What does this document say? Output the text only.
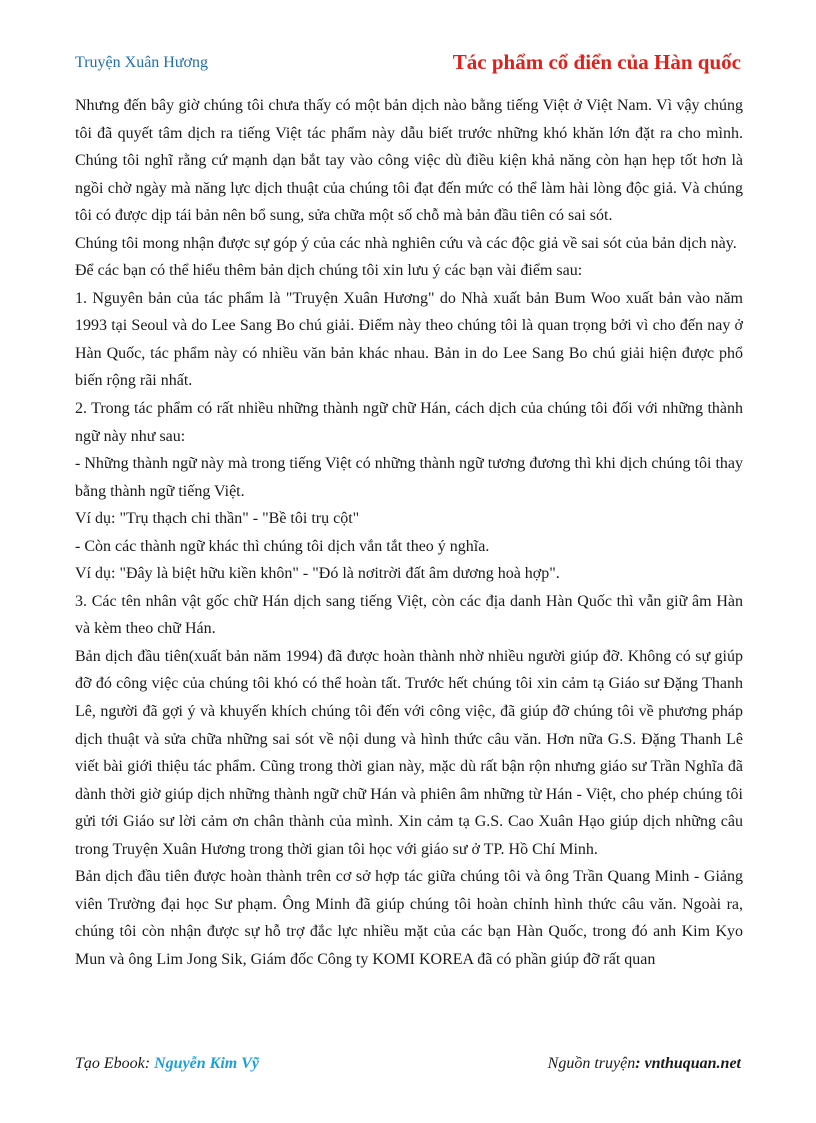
Truyện Xuân Hương	Tác phẩm cổ điển của Hàn quốc

Nhưng đến bây giờ chúng tôi chưa thấy có một bản dịch nào bằng tiếng Việt ở Việt Nam. Vì vậy chúng tôi đã quyết tâm dịch ra tiếng Việt tác phẩm này dẫu biết trước những khó khăn lớn đặt ra cho mình. Chúng tôi nghĩ rằng cứ mạnh dạn bắt tay vào công việc dù điều kiện khả năng còn hạn hẹp tốt hơn là ngồi chờ ngày mà năng lực dịch thuật của chúng tôi đạt đến mức có thể làm hài lòng độc giả. Và chúng tôi có được dịp tái bản nên bổ sung, sửa chữa một số chỗ mà bản đầu tiên có sai sót.

Chúng tôi mong nhận được sự góp ý của các nhà nghiên cứu và các độc giả về sai sót của bản dịch này.

Để các bạn có thể hiểu thêm bản dịch chúng tôi xin lưu ý các bạn vài điểm sau:

1. Nguyên bản của tác phẩm là "Truyện Xuân Hương" do Nhà xuất bản Bum Woo xuất bản vào năm 1993 tại Seoul và do Lee Sang Bo chú giải. Điểm này theo chúng tôi là quan trọng bởi vì cho đến nay ở Hàn Quốc, tác phẩm này có nhiều văn bản khác nhau. Bản in do Lee Sang Bo chú giải hiện được phổ biến rộng rãi nhất.

2. Trong tác phẩm có rất nhiều những thành ngữ chữ Hán, cách dịch của chúng tôi đối với những thành ngữ này như sau:

- Những thành ngữ này mà trong tiếng Việt có những thành ngữ tương đương thì khi dịch chúng tôi thay bằng thành ngữ tiếng Việt.

Ví dụ: "Trụ thạch chi thần" - "Bề tôi trụ cột"

- Còn các thành ngữ khác thì chúng tôi dịch vắn tắt theo ý nghĩa.

Ví dụ: "Đây là biệt hữu kiền khôn" - "Đó là nơitrời đất âm dương hoà hợp".

3. Các tên nhân vật gốc chữ Hán dịch sang tiếng Việt, còn các địa danh Hàn Quốc thì vẫn giữ âm Hàn và kèm theo chữ Hán.

Bản dịch đầu tiên(xuất bản năm 1994) đã được hoàn thành nhờ nhiều người giúp đỡ. Không có sự giúp đỡ đó công việc của chúng tôi khó có thể hoàn tất. Trước hết chúng tôi xin cảm tạ Giáo sư Đặng Thanh Lê, người đã gợi ý và khuyến khích chúng tôi đến với công việc, đã giúp đỡ chúng tôi về phương pháp dịch thuật và sửa chữa những sai sót về nội dung và hình thức câu văn. Hơn nữa G.S. Đặng Thanh Lê viết bài giới thiệu tác phẩm. Cũng trong thời gian này, mặc dù rất bận rộn nhưng giáo sư Trần Nghĩa đã dành thời giờ giúp dịch những thành ngữ chữ Hán và phiên âm những từ Hán - Việt, cho phép chúng tôi gửi tới Giáo sư lời cảm ơn chân thành của mình. Xin cảm tạ G.S. Cao Xuân Hạo giúp dịch những câu trong Truyện Xuân Hương trong thời gian tôi học với giáo sư ở TP. Hồ Chí Minh.

Bản dịch đầu tiên được hoàn thành trên cơ sở hợp tác giữa chúng tôi và ông Trần Quang Minh - Giảng viên Trường đại học Sư phạm. Ông Minh đã giúp chúng tôi hoàn chỉnh hình thức câu văn. Ngoài ra, chúng tôi còn nhận được sự hỗ trợ đắc lực nhiều mặt của các bạn Hàn Quốc, trong đó anh Kim Kyo Mun và ông Lim Jong Sik, Giám đốc Công ty KOMI KOREA đã có phần giúp đỡ rất quan

Tạo Ebook: Nguyễn Kim Vỹ	Nguồn truyện: vnthuquan.net
